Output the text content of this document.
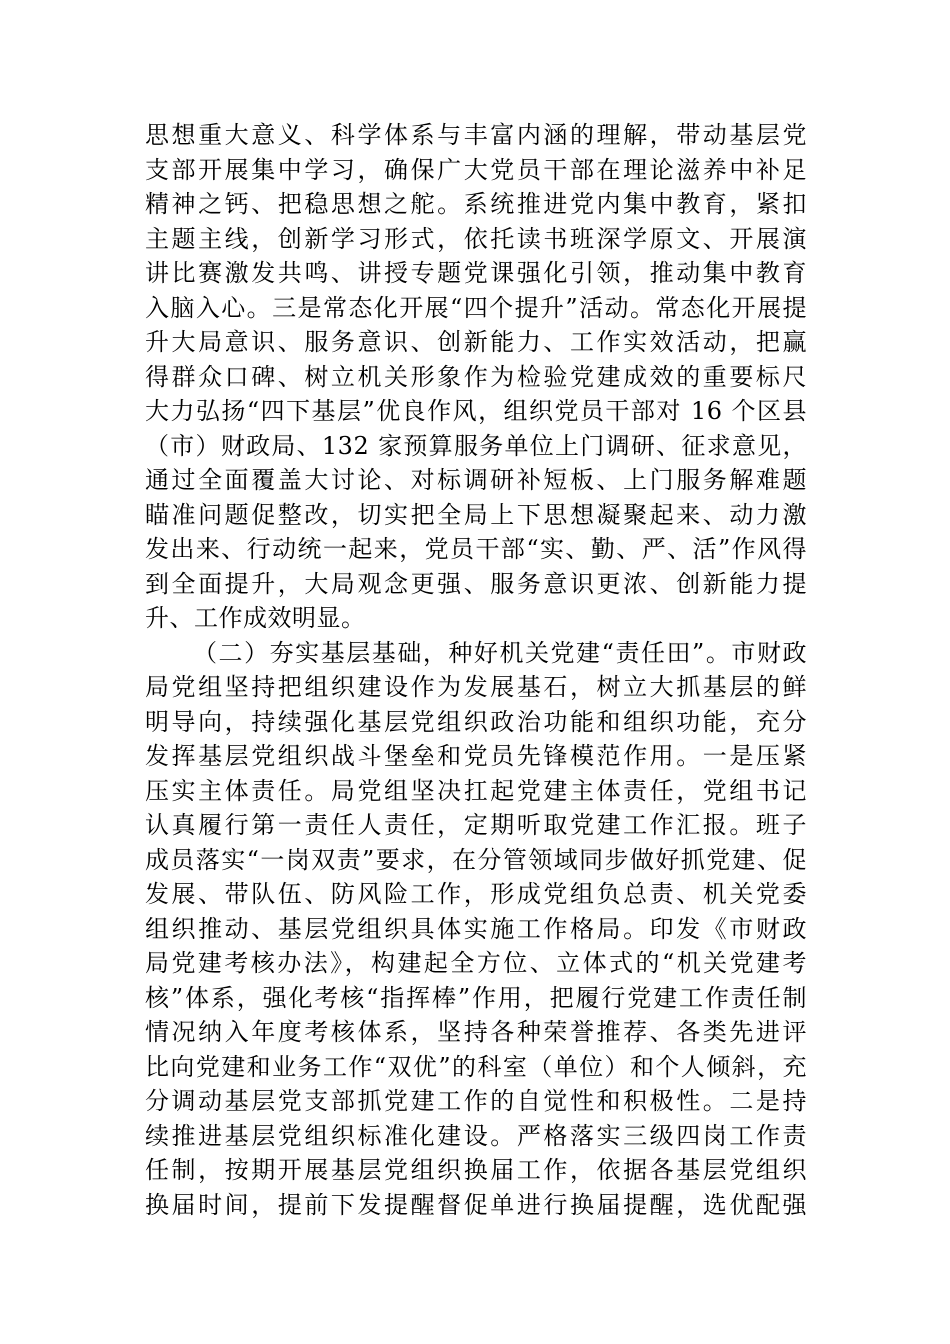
思想重大意义、科学体系与丰富内涵的理解，带动基层党
支部开展集中学习，确保广大党员干部在理论滋养中补足
精神之钙、把稳思想之舵。系统推进党内集中教育，紧扣
主题主线，创新学习形式，依托读书班深学原文、开展演
讲比赛激发共鸣、讲授专题党课强化引领，推动集中教育
入脑入心。三是常态化开展“四个提升”活动。常态化开展提
升大局意识、服务意识、创新能力、工作实效活动，把赢
得群众口碑、树立机关形象作为检验党建成效的重要标尺
大力弘扬“四下基层”优良作风，组织党员干部对 16 个区县
（市）财政局、132 家预算服务单位上门调研、征求意见，
通过全面覆盖大讨论、对标调研补短板、上门服务解难题
瞄准问题促整改，切实把全局上下思想凝聚起来、动力激
发出来、行动统一起来，党员干部“实、勤、严、活”作风得
到全面提升，大局观念更强、服务意识更浓、创新能力提
升、工作成效明显。
（二）夯实基层基础，种好机关党建“责任田”。市财政
局党组坚持把组织建设作为发展基石，树立大抓基层的鲜
明导向，持续强化基层党组织政治功能和组织功能，充分
发挥基层党组织战斗堡垒和党员先锋模范作用。一是压紧
压实主体责任。局党组坚决扛起党建主体责任，党组书记
认真履行第一责任人责任，定期听取党建工作汇报。班子
成员落实“一岗双责”要求，在分管领域同步做好抓党建、促
发展、带队伍、防风险工作，形成党组负总责、机关党委
组织推动、基层党组织具体实施工作格局。印发《市财政
局党建考核办法》，构建起全方位、立体式的“机关党建考
核”体系，强化考核“指挥棒”作用，把履行党建工作责任制
情况纳入年度考核体系，坚持各种荣誉推荐、各类先进评
比向党建和业务工作“双优”的科室（单位）和个人倾斜，充
分调动基层党支部抓党建工作的自觉性和积极性。二是持
续推进基层党组织标准化建设。严格落实三级四岗工作责
任制，按期开展基层党组织换届工作，依据各基层党组织
换届时间，提前下发提醒督促单进行换届提醒，选优配强
